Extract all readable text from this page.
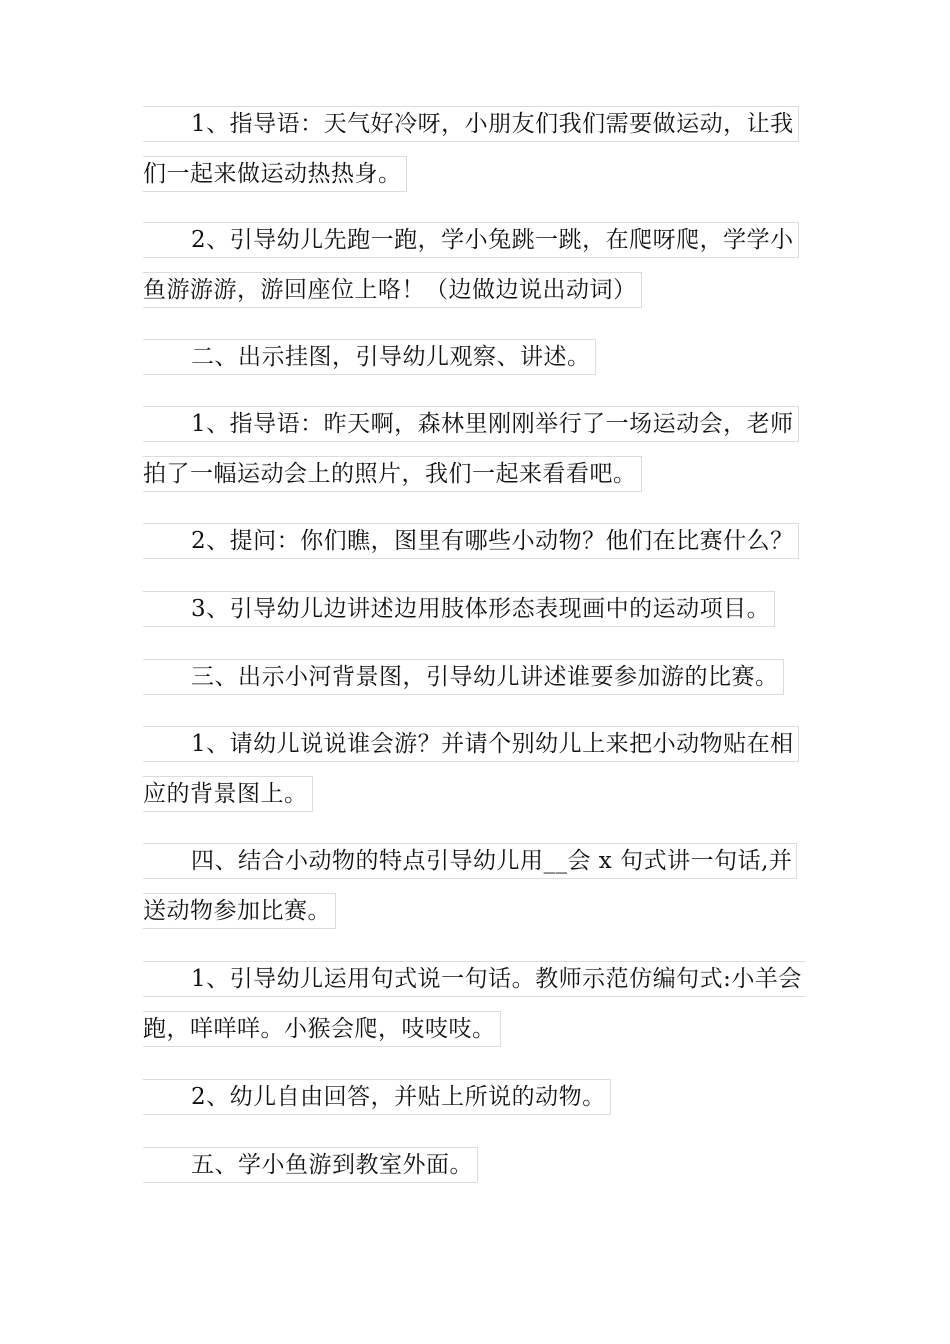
1、指导语：天气好冷呀，小朋友们我们需要做运动，让我
们一起来做运动热热身。
2、引导幼儿先跑一跑，学小兔跳一跳，在爬呀爬，学学小
鱼游游游，游回座位上咯！（边做边说出动词）
二、出示挂图，引导幼儿观察、讲述。
1、指导语：昨天啊，森林里刚刚举行了一场运动会，老师
拍了一幅运动会上的照片，我们一起来看看吧。
2、提问：你们瞧，图里有哪些小动物？他们在比赛什么？
3、引导幼儿边讲述边用肢体形态表现画中的运动项目。
三、出示小河背景图，引导幼儿讲述谁要参加游的比赛。
1、请幼儿说说谁会游？并请个别幼儿上来把小动物贴在相
应的背景图上。
四、结合小动物的特点引导幼儿用__会 x 句式讲一句话,并
送动物参加比赛。
1、引导幼儿运用句式说一句话。教师示范仿编句式:小羊会
跑，咩咩咩。小猴会爬，吱吱吱。
2、幼儿自由回答，并贴上所说的动物。
五、学小鱼游到教室外面。
